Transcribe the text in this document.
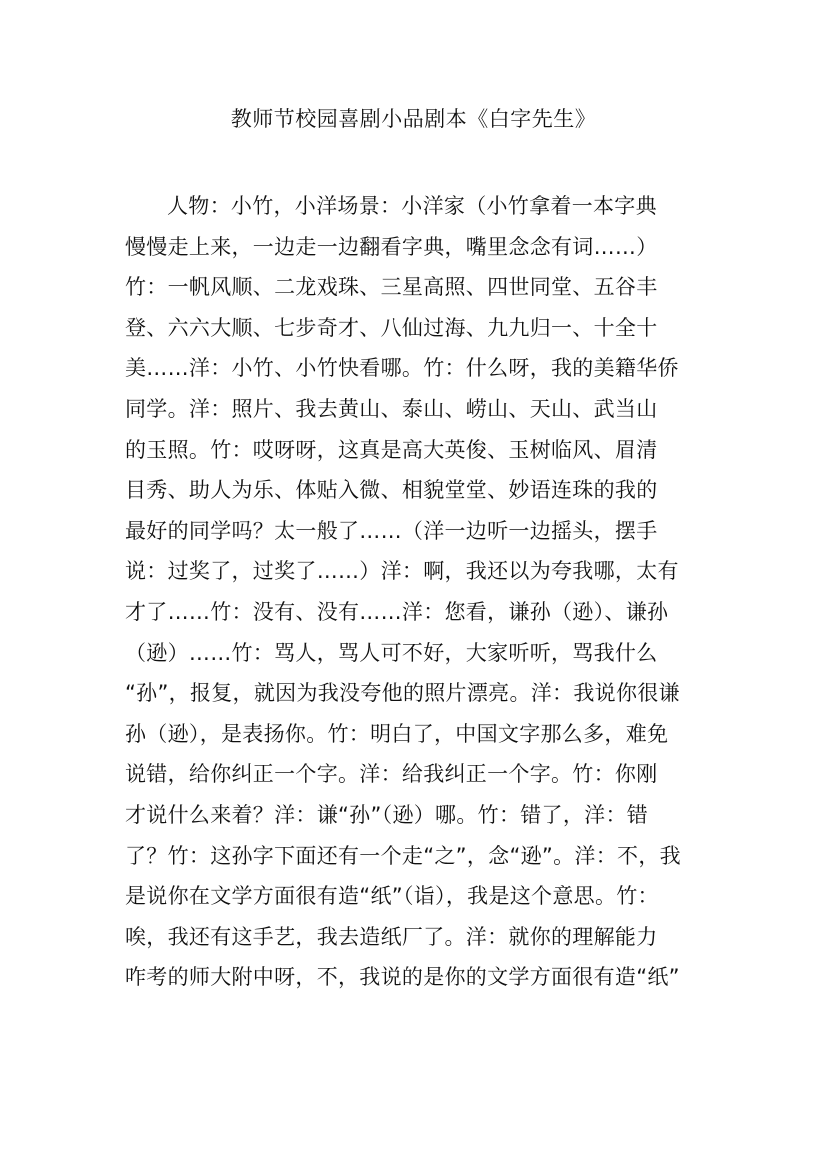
教师节校园喜剧小品剧本《白字先生》
人物：小竹，小洋场景：小洋家（小竹拿着一本字典
慢慢走上来，一边走一边翻看字典，嘴里念念有词……）
竹：一帆风顺、二龙戏珠、三星高照、四世同堂、五谷丰
登、六六大顺、七步奇才、八仙过海、九九归一、十全十
美……洋：小竹、小竹快看哪。竹：什么呀，我的美籍华侨
同学。洋：照片、我去黄山、泰山、崂山、天山、武当山
的玉照。竹：哎呀呀，这真是高大英俊、玉树临风、眉清
目秀、助人为乐、体贴入微、相貌堂堂、妙语连珠的我的
最好的同学吗？太一般了……（洋一边听一边摇头，摆手
说：过奖了，过奖了……）洋：啊，我还以为夸我哪，太有
才了……竹：没有、没有……洋：您看，谦孙（逊）、谦孙
（逊）……竹：骂人，骂人可不好，大家听听，骂我什么
“孙”，报复，就因为我没夸他的照片漂亮。洋：我说你很谦
孙（逊），是表扬你。竹：明白了，中国文字那么多，难免
说错，给你纠正一个字。洋：给我纠正一个字。竹：你刚
才说什么来着？洋：谦“孙”（逊）哪。竹：错了，洋：错
了？竹：这孙字下面还有一个走“之”，念“逊”。洋：不，我
是说你在文学方面很有造“纸”（诣），我是这个意思。竹：
唉，我还有这手艺，我去造纸厂了。洋：就你的理解能力
咋考的师大附中呀，不，我说的是你的文学方面很有造“纸”
